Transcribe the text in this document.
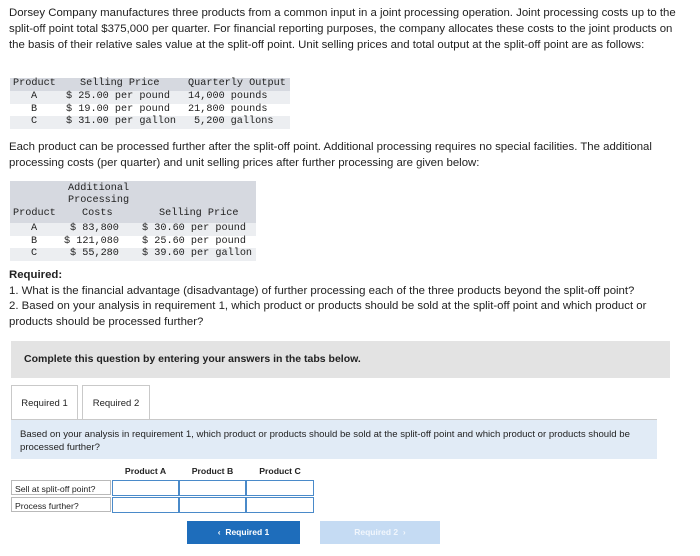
Dorsey Company manufactures three products from a common input in a joint processing operation. Joint processing costs up to the split-off point total $375,000 per quarter. For financial reporting purposes, the company allocates these costs to the joint products on the basis of their relative sales value at the split-off point. Unit selling prices and total output at the split-off point are as follows:
Product Selling Price	Quarterly Output
A	$ 25.00 per pound 14,000 pounds
B	$ 19.00 per pound 21,800 pounds
C	$ 31.00 per gallon 5,200 gallons
Each product can be processed further after the split-off point. Additional processing requires no special facilities. The additional processing costs (per quarter) and unit selling prices after further processing are given below:
Additional
Processing
Product	Costs	Selling Price
A	$ 83,800 $ 30.60 per pound
B	$ 121,080 $ 25.60 per pound
C	$ 55,280 $ 39.60 per gallon
Required:
1. What is the financial advantage (disadvantage) of further processing each of the three products beyond the split-off point?
2. Based on your analysis in requirement 1, which product or products should be sold at the split-off point and which product or products should be processed further?
Complete this question by entering your answers in the tabs below.
Required 1	Required 2
Based on your analysis in requirement 1, which product or products should be sold at the split-off point and which product or products should be processed further?
Product A	Product B	Product C
Sell at split-off point?
Process further?
‹ Required 1	Required 2 ›
